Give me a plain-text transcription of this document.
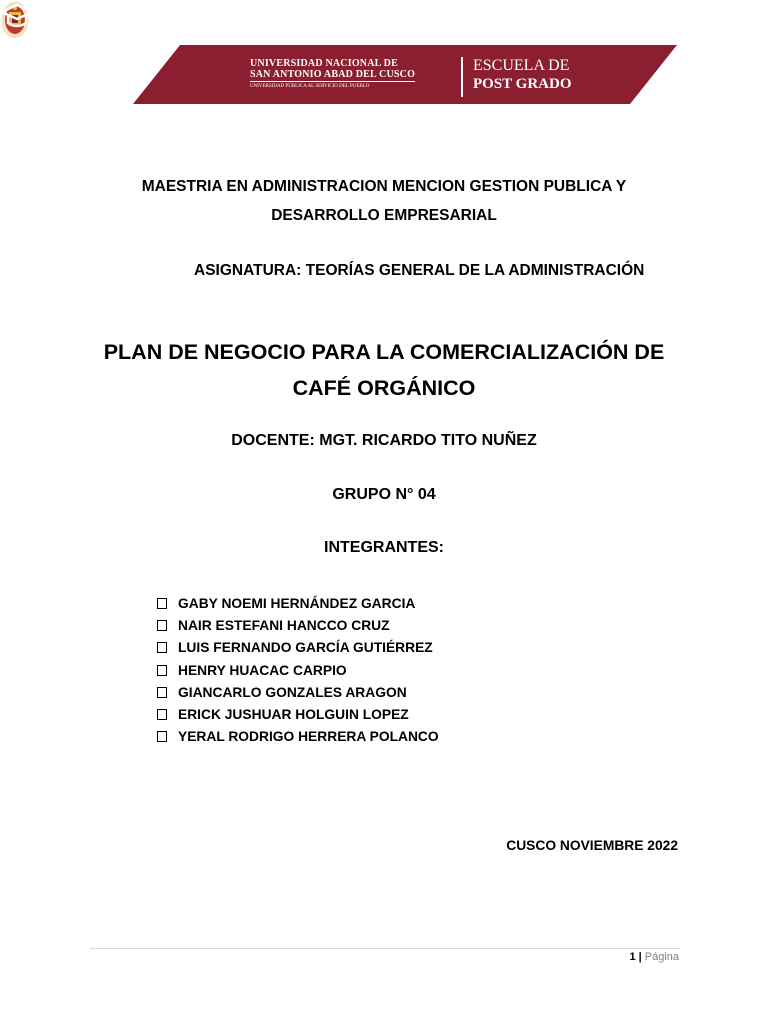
UNIVERSIDAD NACIONAL DE
SAN ANTONIO ABAD DEL CUSCO
UNIVERSIDAD PÚBLICA AL SERVICIO DEL PUEBLO
ESCUELA DE
POST GRADO
MAESTRIA EN ADMINISTRACION MENCION GESTION PUBLICA Y
DESARROLLO EMPRESARIAL
ASIGNATURA: TEORÍAS GENERAL DE LA ADMINISTRACIÓN
PLAN DE NEGOCIO PARA LA COMERCIALIZACIÓN DE
CAFÉ ORGÁNICO
DOCENTE: MGT. RICARDO TITO NUÑEZ
GRUPO N° 04
INTEGRANTES:
GABY NOEMI HERNÁNDEZ GARCIA
NAIR ESTEFANI HANCCO CRUZ
LUIS FERNANDO GARCÍA GUTIÉRREZ
HENRY HUACAC CARPIO
GIANCARLO GONZALES ARAGON
ERICK JUSHUAR HOLGUIN LOPEZ
YERAL RODRIGO HERRERA POLANCO
CUSCO NOVIEMBRE 2022
1 | Página
